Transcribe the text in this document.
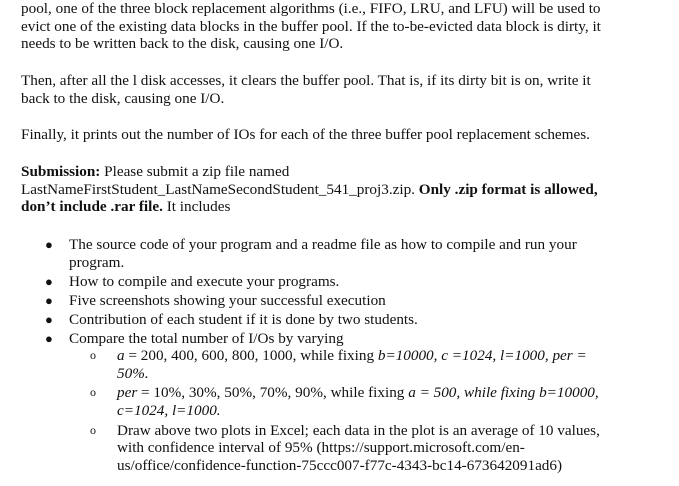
pool, one of the three block replacement algorithms (i.e., FIFO, LRU, and LFU) will be used to
evict one of the existing data blocks in the buffer pool. If the to-be-evicted data block is dirty, it
needs to be written back to the disk, causing one I/O.

Then, after all the l disk accesses, it clears the buffer pool. That is, if its dirty bit is on, write it
back to the disk, causing one I/O.

Finally, it prints out the number of IOs for each of the three buffer pool replacement schemes.

Submission: Please submit a zip file named
LastNameFirstStudent_LastNameSecondStudent_541_proj3.zip. Only .zip format is allowed,
don’t include .rar file. It includes

● The source code of your program and a readme file as how to compile and run your
program.
● How to compile and execute your programs.
● Five screenshots showing your successful execution
● Contribution of each student if it is done by two students.
● Compare the total number of I/Os by varying
o a = 200, 400, 600, 800, 1000, while fixing b=10000, c =1024, l=1000, per =
50%.
o per = 10%, 30%, 50%, 70%, 90%, while fixing a = 500, while fixing b=10000,
c=1024, l=1000.
o Draw above two plots in Excel; each data in the plot is an average of 10 values,
with confidence interval of 95% (https://support.microsoft.com/en-
us/office/confidence-function-75ccc007-f77c-4343-bc14-673642091ad6)
